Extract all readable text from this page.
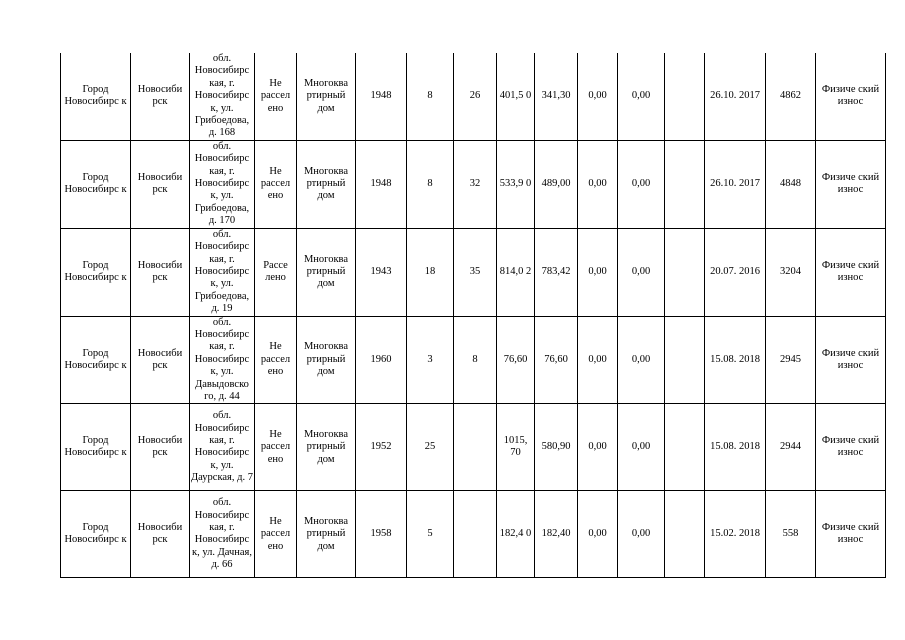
Город Новосибирс к	Новосиби рск	обл. Новосибирс кая, г. Новосибирс к, ул. Грибоедова, д. 168	Не рассел ено	Многоква ртирный дом	1948	8	26	401,5 0	341,30	0,00	0,00		26.10. 2017	4862	Физиче ский износ
Город Новосибирс к	Новосиби рск	обл. Новосибирс кая, г. Новосибирс к, ул. Грибоедова, д. 170	Не рассел ено	Многоква ртирный дом	1948	8	32	533,9 0	489,00	0,00	0,00		26.10. 2017	4848	Физиче ский износ
Город Новосибирс к	Новосиби рск	обл. Новосибирс кая, г. Новосибирс к, ул. Грибоедова, д. 19	Рассе лено	Многоква ртирный дом	1943	18	35	814,0 2	783,42	0,00	0,00		20.07. 2016	3204	Физиче ский износ
Город Новосибирс к	Новосиби рск	обл. Новосибирс кая, г. Новосибирс к, ул. Давыдовско го, д. 44	Не рассел ено	Многоква ртирный дом	1960	3	8	76,60	76,60	0,00	0,00		15.08. 2018	2945	Физиче ский износ
Город Новосибирс к	Новосиби рск	обл. Новосибирс кая, г. Новосибирс к, ул. Даурская, д. 7	Не рассел ено	Многоква ртирный дом	1952	25		1015, 70	580,90	0,00	0,00		15.08. 2018	2944	Физиче ский износ
Город Новосибирс к	Новосиби рск	обл. Новосибирс кая, г. Новосибирс к, ул. Дачная, д. 66	Не рассел ено	Многоква ртирный дом	1958	5		182,4 0	182,40	0,00	0,00		15.02. 2018	558	Физиче ский износ
